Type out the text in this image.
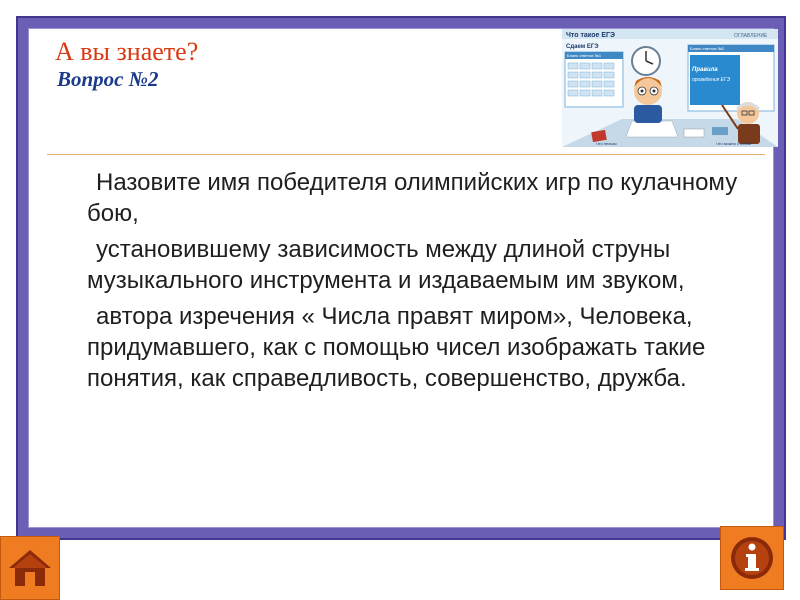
А вы знаете?
Вопрос №2
Что такое ЕГЭ	ОГЛАВЛЕНИЕ
Сдаем ЕГЭ
Бланк ответов №1
Бланк ответов №2
Правила
проведения ЕГЭ
Что нельзя	Что можно с собой

Назовите имя победителя олимпийских игр по кулачному бою,

установившему зависимость между длиной струны музыкального инструмента и издаваемым им звуком,

автора изречения « Числа правят миром», Человека, придумавшего, как с помощью чисел изображать такие понятия, как справедливость, совершенство, дружба.
